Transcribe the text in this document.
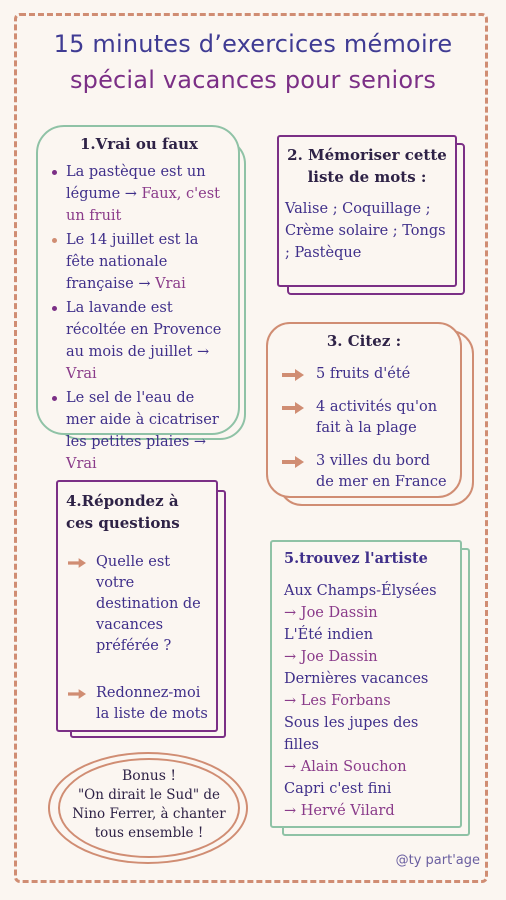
15 minutes d’exercices mémoire
spécial vacances pour seniors
1.Vrai ou faux
La pastèque est un légume → Faux, c'est un fruit
Le 14 juillet est la fête nationale française → Vrai
La lavande est récoltée en Provence au mois de juillet → Vrai
Le sel de l'eau de mer aide à cicatriser les petites plaies → Vrai
2. Mémoriser cette
liste de mots :
Valise ; Coquillage ; Crème solaire ; Tongs ; Pastèque
3. Citez :
5 fruits d'été
4 activités qu'on fait à la plage
3 villes du bord de mer en France
4.Répondez à ces questions
Quelle est votre destination de vacances préférée ?
Redonnez-moi la liste de mots
5.trouvez l'artiste
Aux Champs-Élysées
→ Joe Dassin
L'Été indien
→ Joe Dassin
Dernières vacances
→ Les Forbans
Sous les jupes des filles
→ Alain Souchon
Capri c'est fini
→ Hervé Vilard
Bonus !
"On dirait le Sud" de Nino Ferrer, à chanter tous ensemble !
@ty part'age
